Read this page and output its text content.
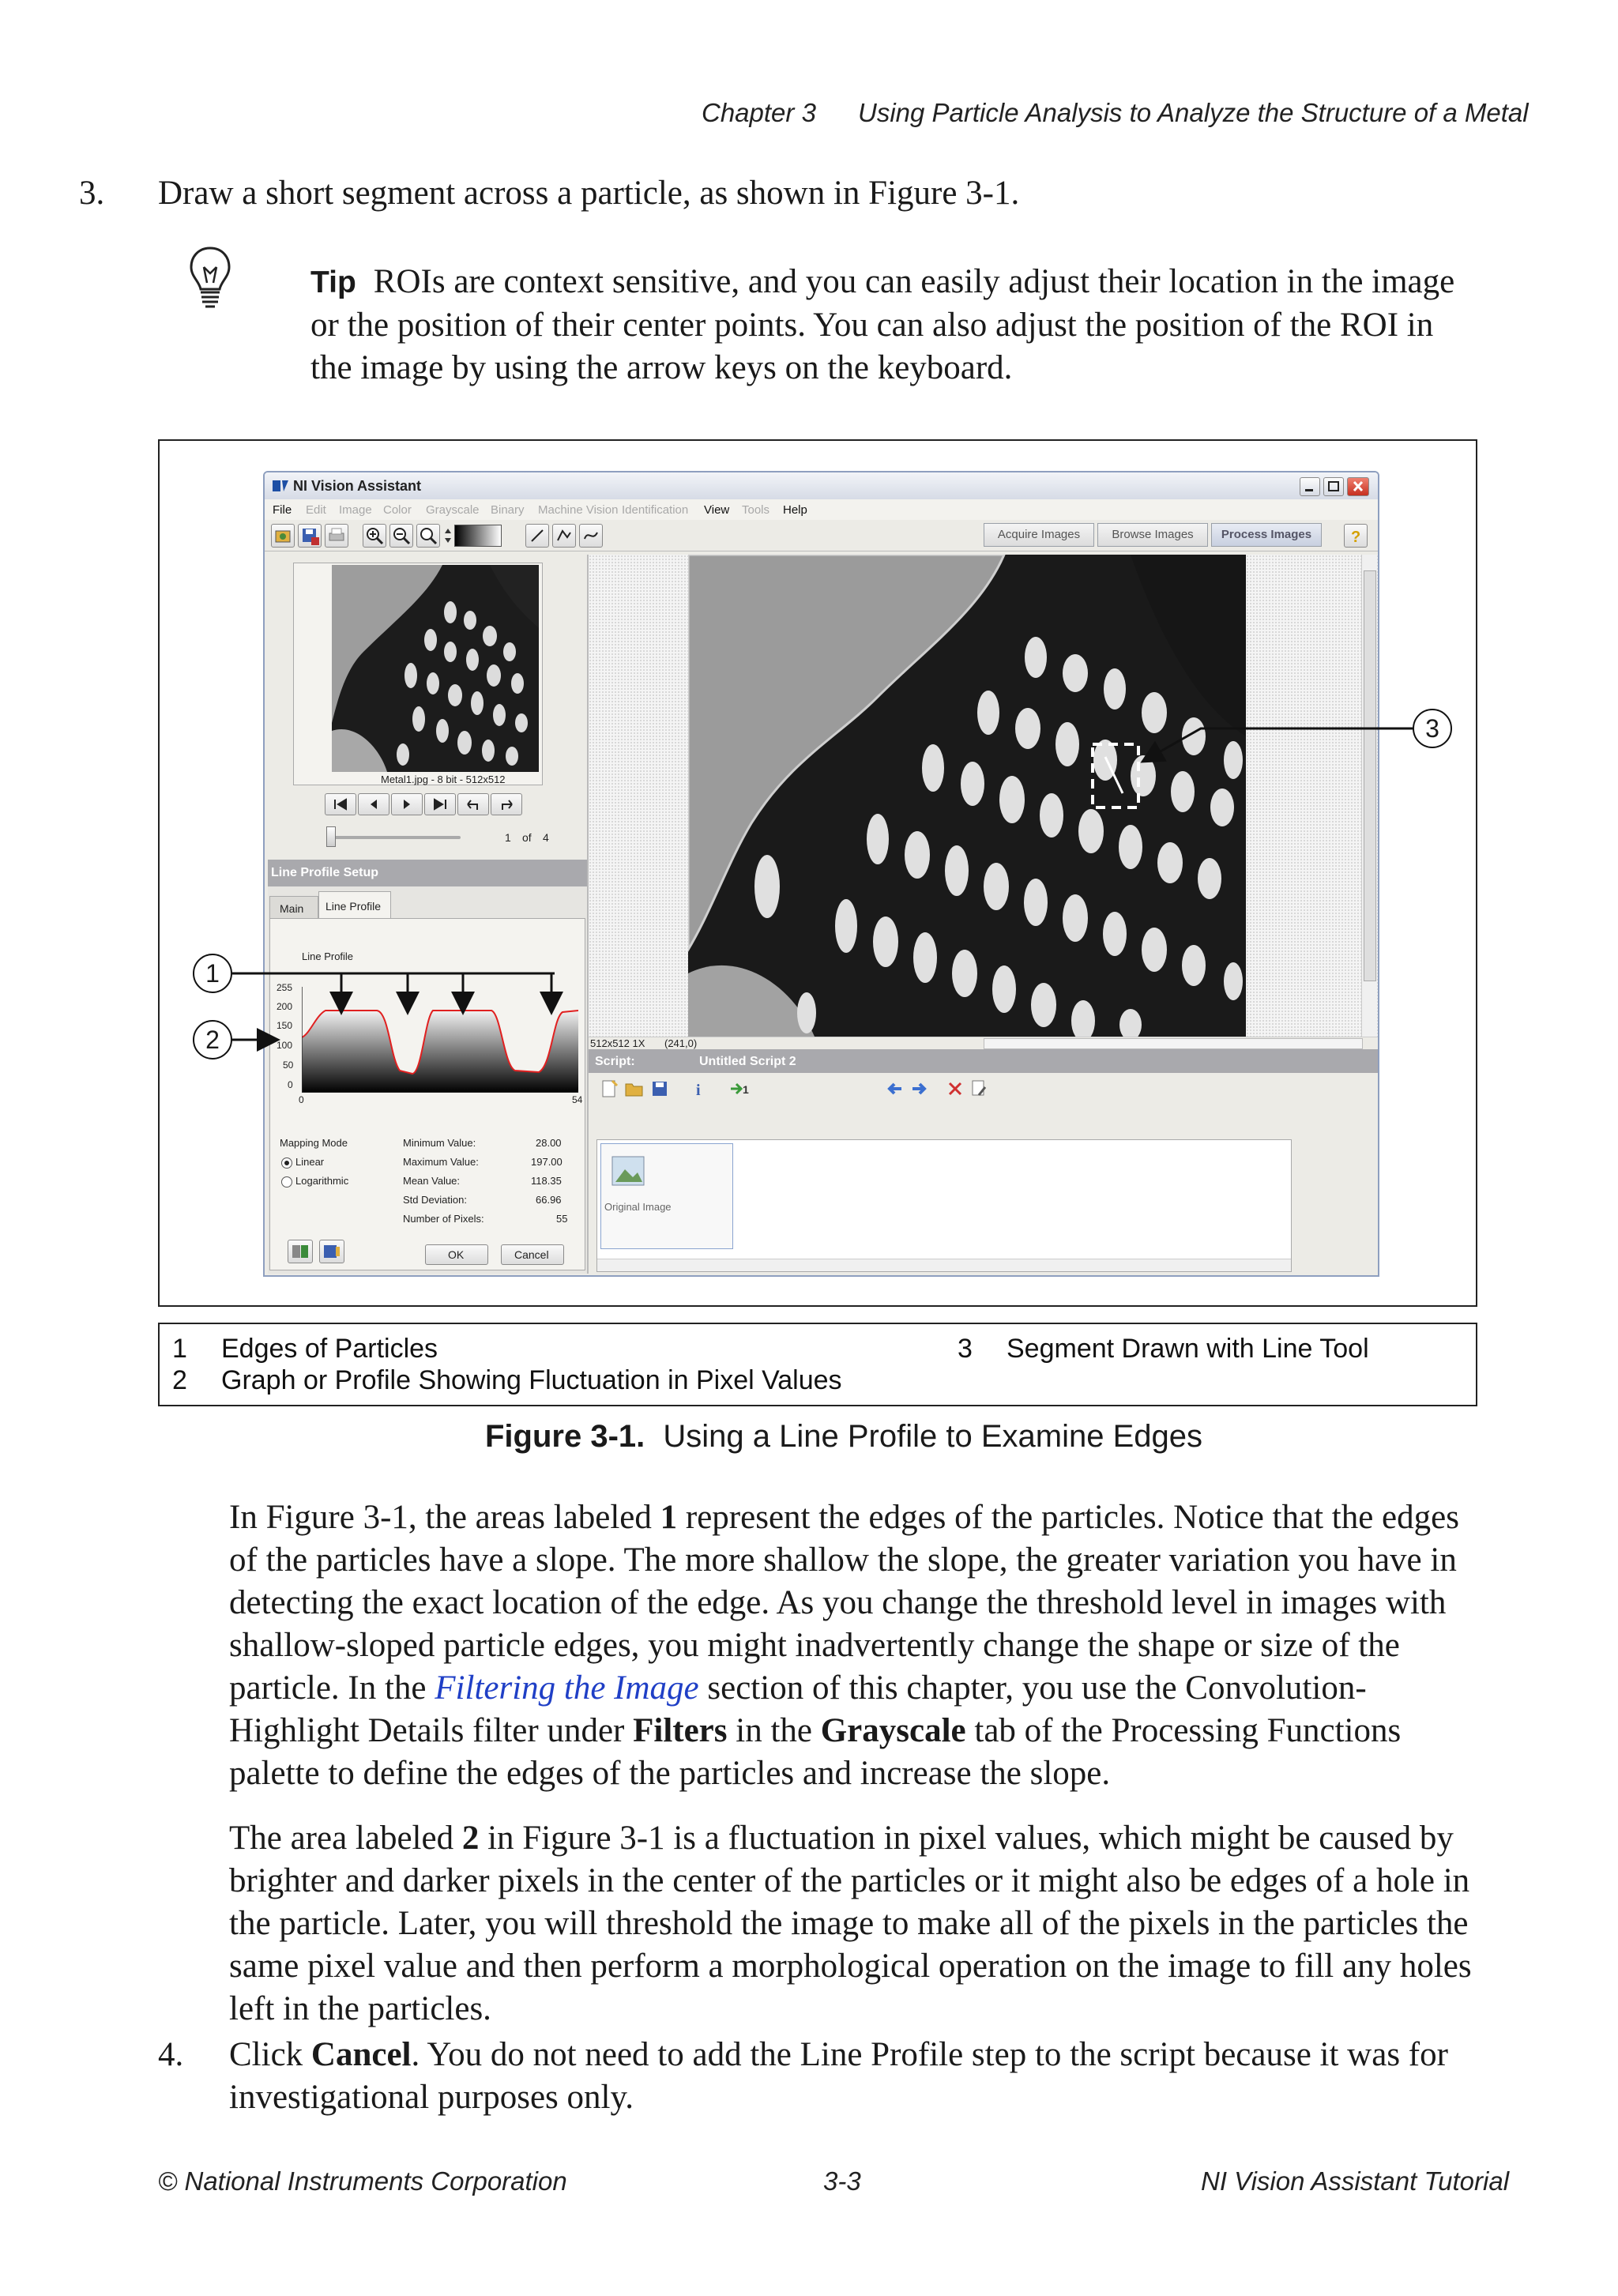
Chapter 3 Using Particle Analysis to Analyze the Structure of a Metal
3. Draw a short segment across a particle, as shown in Figure 3-1.
Tip ROIs are context sensitive, and you can easily adjust their location in the image or the position of their center points. You can also adjust the position of the ROI in the image by using the arrow keys on the keyboard.
NI Vision Assistant
File Edit Image Color Grayscale Binary Machine Vision Identification View Tools Help
Acquire Images	Browse Images	Process Images	?
Metal1.jpg - 8 bit - 512x512
1 of 4
Line Profile Setup
Main Line Profile
Line Profile
255
200
150
100
50
0
0	54
Mapping Mode
Linear
Logarithmic
Minimum Value:	28.00
Maximum Value:	197.00
Mean Value:	118.35
Std Deviation:	66.96
Number of Pixels:	55
OK	Cancel
512x512 1X (241,0)
Script:	Untitled Script 2
i	1
Original Image
1
2
3
1 Edges of Particles
2 Graph or Profile Showing Fluctuation in Pixel Values
3 Segment Drawn with Line Tool
Figure 3-1. Using a Line Profile to Examine Edges
In Figure 3-1, the areas labeled 1 represent the edges of the particles. Notice that the edges of the particles have a slope. The more shallow the slope, the greater variation you have in detecting the exact location of the edge. As you change the threshold level in images with shallow-sloped particle edges, you might inadvertently change the shape or size of the particle. In the Filtering the Image section of this chapter, you use the Convolution-Highlight Details filter under Filters in the Grayscale tab of the Processing Functions palette to define the edges of the particles and increase the slope.
The area labeled 2 in Figure 3-1 is a fluctuation in pixel values, which might be caused by brighter and darker pixels in the center of the particles or it might also be edges of a hole in the particle. Later, you will threshold the image to make all of the pixels in the particles the same pixel value and then perform a morphological operation on the image to fill any holes left in the particles.
4. Click Cancel. You do not need to add the Line Profile step to the script because it was for investigational purposes only.
© National Instruments Corporation	3-3	NI Vision Assistant Tutorial
